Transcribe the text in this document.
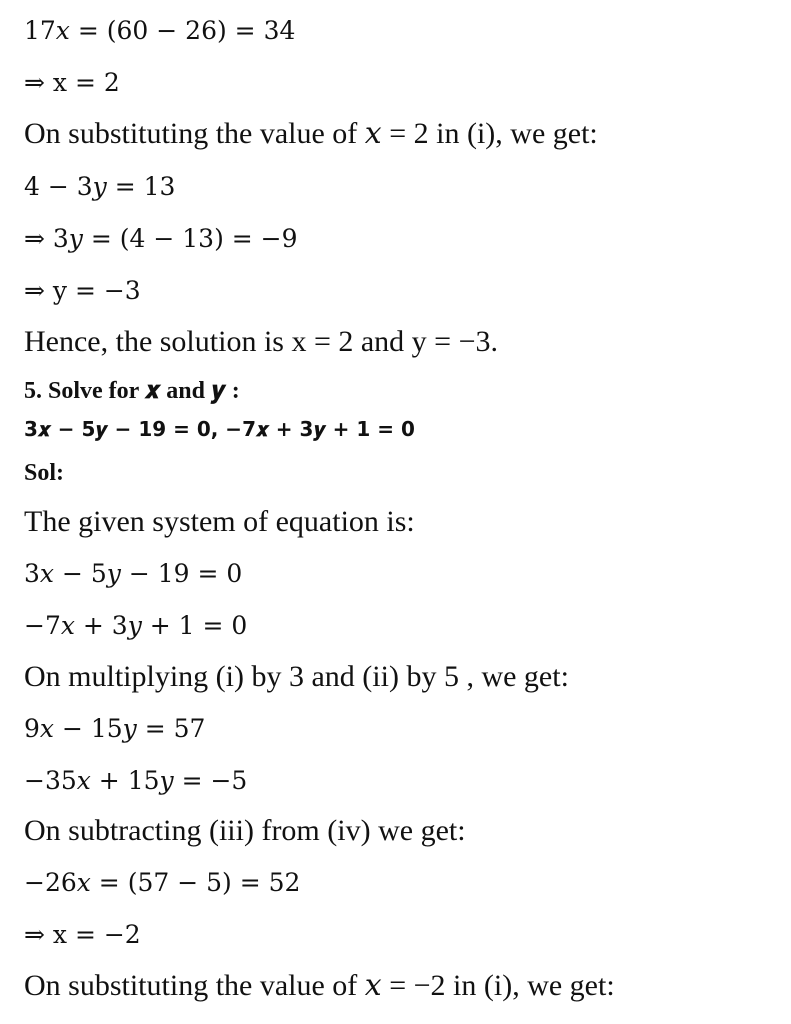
17𝑥 = (60 − 26) = 34
⇒ x = 2
On substituting the value of 𝑥 = 2 in (i), we get:
4 − 3𝑦 = 13
⇒ 3𝑦 = (4 − 13) = −9
⇒ y = −3
Hence, the solution is x = 2 and y = −3.
5. Solve for 𝒙 and 𝒚 :
3𝒙 − 5𝒚 − 19 = 0, −7𝒙 + 3𝒚 + 1 = 0
Sol:
The given system of equation is:
3𝑥 − 5𝑦 − 19 = 0
−7𝑥 + 3𝑦 + 1 = 0
On multiplying (i) by 3 and (ii) by 5 , we get:
9𝑥 − 15𝑦 = 57
−35𝑥 + 15𝑦 = −5
On subtracting (iii) from (iv) we get:
−26𝑥 = (57 − 5) = 52
⇒ x = −2
On substituting the value of 𝑥 = −2 in (i), we get:
